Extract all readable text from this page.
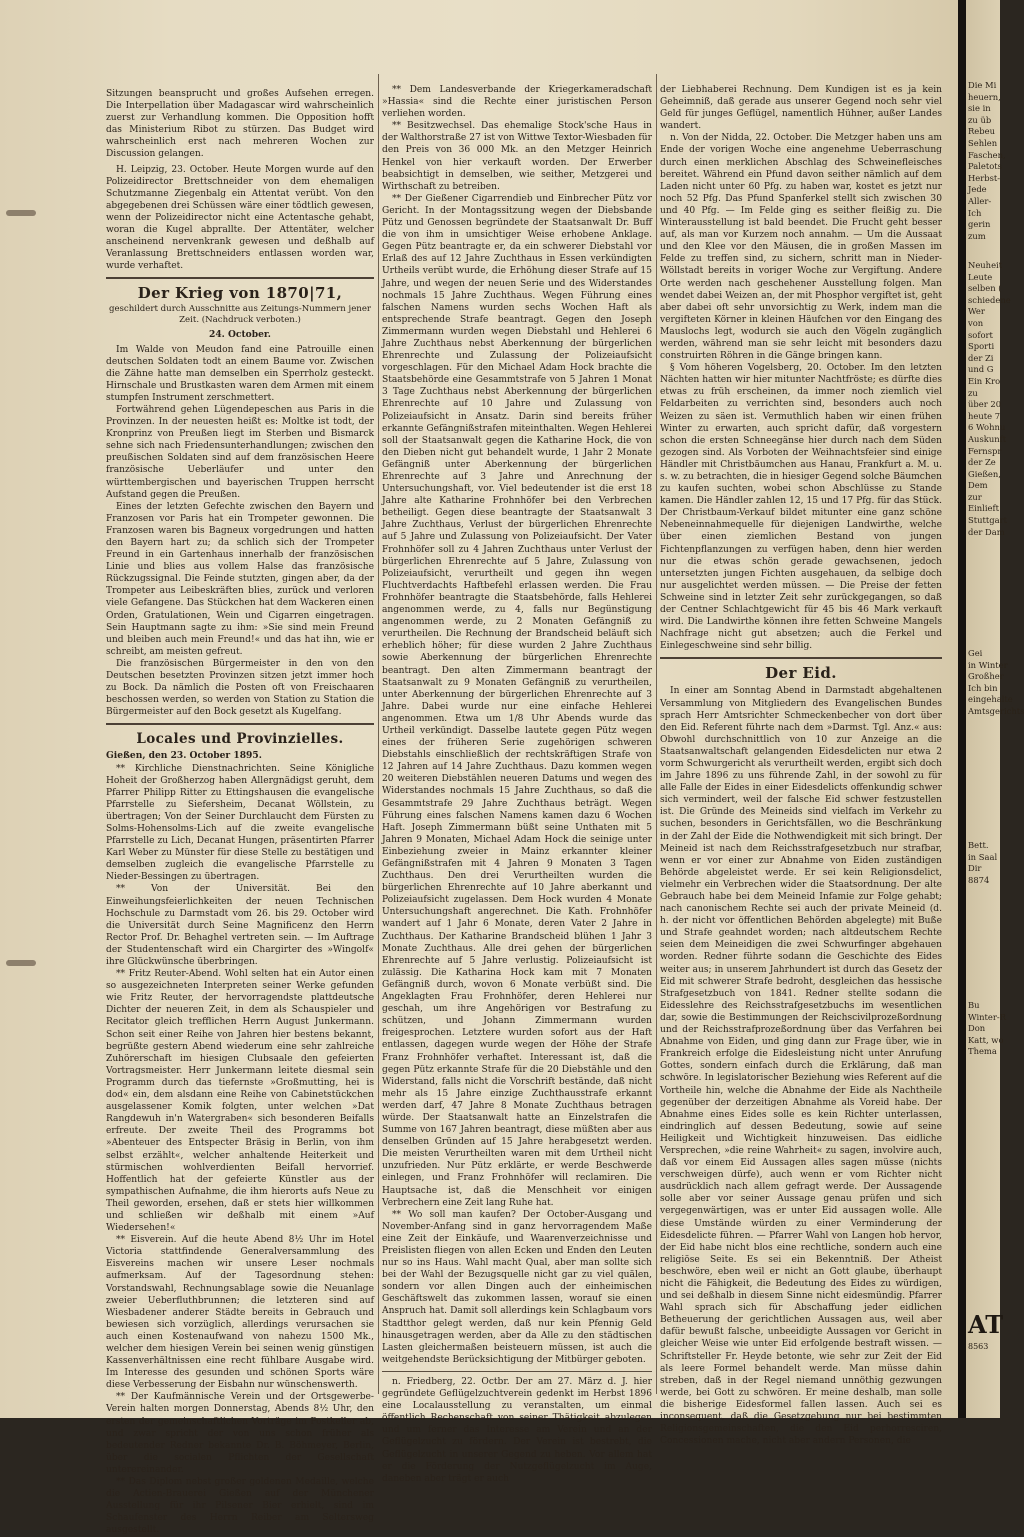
Sitzungen beansprucht und großes Aufsehen erregen. Die Interpellation über Madagascar wird wahrscheinlich zuerst zur Verhandlung kommen. Die Opposition hofft das Ministerium Ribot zu stürzen. Das Budget wird wahrscheinlich erst nach mehreren Wochen zur Discussion gelangen.

H. Leipzig, 23. October. Heute Morgen wurde auf den Polizeidirector Brettschneider von dem ehemaligen Schutzmanne Ziegenbalg ein Attentat verübt. Von den abgegebenen drei Schüssen wäre einer tödtlich gewesen, wenn der Polizeidirector nicht eine Actentasche gehabt, woran die Kugel abprallte. Der Attentäter, welcher anscheinend nervenkrank gewesen und deßhalb auf Veranlassung Brettschneiders entlassen worden war, wurde verhaftet.

Der Krieg von 1870|71,

geschildert durch Ausschnitte aus Zeitungs-Nummern jener Zeit. (Nachdruck verboten.)

24. October.

Im Walde von Meudon fand eine Patrouille einen deutschen Soldaten todt an einem Baume vor. Zwischen die Zähne hatte man demselben ein Sperrholz gesteckt. Hirnschale und Brustkasten waren dem Armen mit einem stumpfen Instrument zerschmettert.

Fortwährend gehen Lügendepeschen aus Paris in die Provinzen. In der neuesten heißt es: Moltke ist todt, der Kronprinz von Preußen liegt im Sterben und Bismarck sehne sich nach Friedensunterhandlungen; zwischen den preußischen Soldaten sind auf dem französischen Heere französische Ueberläufer und unter den württembergischen und bayerischen Truppen herrscht Aufstand gegen die Preußen.

Eines der letzten Gefechte zwischen den Bayern und Franzosen vor Paris hat ein Trompeter gewonnen. Die Franzosen waren bis Bagneux vorgedrungen und hatten den Bayern hart zu; da schlich sich der Trompeter Freund in ein Gartenhaus innerhalb der französischen Linie und blies aus vollem Halse das französische Rückzugssignal. Die Feinde stutzten, gingen aber, da der Trompeter aus Leibeskräften blies, zurück und verloren viele Gefangene. Das Stückchen hat dem Wackeren einen Orden, Gratulationen, Wein und Cigarren eingetragen. Sein Hauptmann sagte zu ihm: »Sie sind mein Freund und bleiben auch mein Freund!« und das hat ihn, wie er schreibt, am meisten gefreut.

Die französischen Bürgermeister in den von den Deutschen besetzten Provinzen sitzen jetzt immer hoch zu Bock. Da nämlich die Posten oft von Freischaaren beschossen werden, so werden von Station zu Station die Bürgermeister auf den Bock gesetzt als Kugelfang.

Locales und Provinzielles.

Gießen, den 23. October 1895.

** Kirchliche Dienstnachrichten. Seine Königliche Hoheit der Großherzog haben Allergnädigst geruht, dem Pfarrer Philipp Ritter zu Ettingshausen die evangelische Pfarrstelle zu Siefersheim, Decanat Wöllstein, zu übertragen; Von der Seiner Durchlaucht dem Fürsten zu Solms-Hohensolms-Lich auf die zweite evangelische Pfarrstelle zu Lich, Decanat Hungen, präsentirten Pfarrer Karl Weber zu Münster für diese Stelle zu bestätigen und demselben zugleich die evangelische Pfarrstelle zu Nieder-Bessingen zu übertragen.

** Von der Universität. Bei den Einweihungsfeierlichkeiten der neuen Technischen Hochschule zu Darmstadt vom 26. bis 29. October wird die Universität durch Seine Magnificenz den Herrn Rector Prof. Dr. Behaghel vertreten sein. — Im Auftrage der Studentenschaft wird ein Chargirter des »Wingolf« ihre Glückwünsche überbringen.

** Fritz Reuter-Abend. Wohl selten hat ein Autor einen so ausgezeichneten Interpreten seiner Werke gefunden wie Fritz Reuter, der hervorragendste plattdeutsche Dichter der neueren Zeit, in dem als Schauspieler und Recitator gleich trefflichen Herrn August Junkermann. Schon seit einer Reihe von Jahren hier bestens bekannt, begrüßte gestern Abend wiederum eine sehr zahlreiche Zuhörerschaft im hiesigen Clubsaale den gefeierten Vortragsmeister. Herr Junkermann leitete diesmal sein Programm durch das tiefernste »Großmutting, hei is dod« ein, dem alsdann eine Reihe von Cabinetstückchen ausgelassener Komik folgten, unter welchen »Dat Rangdewuh in'n Watergraben« sich besonderen Beifalls erfreute. Der zweite Theil des Programms bot »Abenteuer des Entspecter Bräsig in Berlin, von ihm selbst erzählt«, welcher anhaltende Heiterkeit und stürmischen wohlverdienten Beifall hervorrief. Hoffentlich hat der gefeierte Künstler aus der sympathischen Aufnahme, die ihm hierorts aufs Neue zu Theil geworden, ersehen, daß er stets hier willkommen und schließen wir deßhalb mit einem »Auf Wiedersehen!«

** Eisverein. Auf die heute Abend 8½ Uhr im Hotel Victoria stattfindende Generalversammlung des Eisvereins machen wir unsere Leser nochmals aufmerksam. Auf der Tagesordnung stehen: Vorstandswahl, Rechnungsablage sowie die Neuanlage zweier Ueberfluthbrunnen; die letzteren sind auf Wiesbadener anderer Städte bereits in Gebrauch und bewiesen sich vorzüglich, allerdings verursachen sie auch einen Kostenaufwand von nahezu 1500 Mk., welcher dem hiesigen Verein bei seinen wenig günstigen Kassenverhältnissen eine recht fühlbare Ausgabe wird. Im Interesse des gesunden und schönen Sports wäre diese Verbesserung der Eisbahn nur wünschenswerth.

** Der Kaufmännische Verein und der Ortsgewerbe-Verein halten morgen Donnerstag, Abends 8½ Uhr, den ersten der gemeinschaftlichen Vorträge im Postkeller ab, und zwar spricht der von uns schon früher als bedeutender Redner bekannte Dr. B. Böhmeyer, Berlin, über die socialen Pflichten der Gesellschaft unterereinander.

** Das Diplom nebst großer goldenen Medaille, welche die Actien-Brauerei Gießen auf der Münchener Ausstellung für ihr Pilsener Bier erhielt, sind im Schaufenster des Herrn Reiber am Seltersweg ausgestellt.

** Dem Landesverbande der Kriegerkameradschaft »Hassia« sind die Rechte einer juristischen Person verliehen worden.

** Besitzwechsel. Das ehemalige Stock'sche Haus in der Walthorstraße 27 ist von Wittwe Textor-Wiesbaden für den Preis von 36 000 Mk. an den Metzger Heinrich Henkel von hier verkauft worden. Der Erwerber beabsichtigt in demselben, wie seither, Metzgerei und Wirthschaft zu betreiben.

** Der Gießener Cigarrendieb und Einbrecher Pütz vor Gericht. In der Montagssitzung wegen der Diebsbande Pütz und Genossen begründete der Staatsanwalt Dr. Buff die von ihm in umsichtiger Weise erhobene Anklage. Gegen Pütz beantragte er, da ein schwerer Diebstahl vor Erlaß des auf 12 Jahre Zuchthaus in Essen verkündigten Urtheils verübt wurde, die Erhöhung dieser Strafe auf 15 Jahre, und wegen der neuen Serie und des Widerstandes nochmals 15 Jahre Zuchthaus. Wegen Führung eines falschen Namens wurden sechs Wochen Haft als entsprechende Strafe beantragt. Gegen den Joseph Zimmermann wurden wegen Diebstahl und Hehlerei 6 Jahre Zuchthaus nebst Aberkennung der bürgerlichen Ehrenrechte und Zulassung der Polizeiaufsicht vorgeschlagen. Für den Michael Adam Hock brachte die Staatsbehörde eine Gesammtstrafe von 5 Jahren 1 Monat 3 Tage Zuchthaus nebst Aberkennung der bürgerlichen Ehrenrechte auf 10 Jahre und Zulassung von Polizeiaufsicht in Ansatz. Darin sind bereits früher erkannte Gefängnißstrafen miteinthalten. Wegen Hehlerei soll der Staatsanwalt gegen die Katharine Hock, die von den Dieben nicht gut behandelt wurde, 1 Jahr 2 Monate Gefängniß unter Aberkennung der bürgerlichen Ehrenrechte auf 3 Jahre und Anrechnung der Untersuchungshaft, vor. Viel bedeutender ist die erst 18 Jahre alte Katharine Frohnhöfer bei den Verbrechen betheiligt. Gegen diese beantragte der Staatsanwalt 3 Jahre Zuchthaus, Verlust der bürgerlichen Ehrenrechte auf 5 Jahre und Zulassung von Polizeiaufsicht. Der Vater Frohnhöfer soll zu 4 Jahren Zuchthaus unter Verlust der bürgerlichen Ehrenrechte auf 5 Jahre, Zulassung von Polizeiaufsicht, verurtheilt und gegen ihn wegen Fluchtverdachts Haftbefehl erlassen werden. Die Frau Frohnhöfer beantragte die Staatsbehörde, falls Hehlerei angenommen werde, zu 4, falls nur Begünstigung angenommen werde, zu 2 Monaten Gefängniß zu verurtheilen. Die Rechnung der Brandscheid beläuft sich erheblich höher; für diese wurden 2 Jahre Zuchthaus sowie Aberkennung der bürgerlichen Ehrenrechte beantragt. Den alten Zimmermann beantragt der Staatsanwalt zu 9 Monaten Gefängniß zu verurtheilen, unter Aberkennung der bürgerlichen Ehrenrechte auf 3 Jahre. Dabei wurde nur eine einfache Hehlerei angenommen. Etwa um 1/8 Uhr Abends wurde das Urtheil verkündigt. Dasselbe lautete gegen Pütz wegen eines der früheren Serie zugehörigen schweren Diebstahls einschließlich der rechtskräftigen Strafe von 12 Jahren auf 14 Jahre Zuchthaus. Dazu kommen wegen 20 weiteren Diebstählen neueren Datums und wegen des Widerstandes nochmals 15 Jahre Zuchthaus, so daß die Gesammtstrafe 29 Jahre Zuchthaus beträgt. Wegen Führung eines falschen Namens kamen dazu 6 Wochen Haft. Joseph Zimmermann büßt seine Unthaten mit 5 Jahren 9 Monaten, Michael Adam Hock die seinige unter Einbeziehung zweier in Mainz erkannter kleiner Gefängnißstrafen mit 4 Jahren 9 Monaten 3 Tagen Zuchthaus. Den drei Verurtheilten wurden die bürgerlichen Ehrenrechte auf 10 Jahre aberkannt und Polizeiaufsicht zugelassen. Dem Hock wurden 4 Monate Untersuchungshaft angerechnet. Die Kath. Frohnhöfer wandert auf 1 Jahr 6 Monate, deren Vater 2 Jahre in Zuchthaus. Der Katharine Brandscheid blühen 1 Jahr 3 Monate Zuchthaus. Alle drei gehen der bürgerlichen Ehrenrechte auf 5 Jahre verlustig. Polizeiaufsicht ist zulässig. Die Katharina Hock kam mit 7 Monaten Gefängniß durch, wovon 6 Monate verbüßt sind. Die Angeklagten Frau Frohnhöfer, deren Hehlerei nur geschah, um ihre Angehörigen vor Bestrafung zu schützen, und Johann Zimmermann wurden freigesprochen. Letztere wurden sofort aus der Haft entlassen, dagegen wurde wegen der Höhe der Strafe Franz Frohnhöfer verhaftet. Interessant ist, daß die gegen Pütz erkannte Strafe für die 20 Diebstähle und den Widerstand, falls nicht die Vorschrift bestände, daß nicht mehr als 15 Jahre einzige Zuchthausstrafe erkannt werden darf, 47 Jahre 8 Monate Zuchthaus betragen würde. Der Staatsanwalt hatte an Einzelstrafen die Summe von 167 Jahren beantragt, diese müßten aber aus denselben Gründen auf 15 Jahre herabgesetzt werden. Die meisten Verurtheilten waren mit dem Urtheil nicht unzufrieden. Nur Pütz erklärte, er werde Beschwerde einlegen, und Franz Frohnhöfer will reclamiren. Die Hauptsache ist, daß die Menschheit vor einigen Verbrechern eine Zeit lang Ruhe hat.

** Wo soll man kaufen? Der October-Ausgang und November-Anfang sind in ganz hervorragendem Maße eine Zeit der Einkäufe, und Waarenverzeichnisse und Preislisten fliegen von allen Ecken und Enden den Leuten nur so ins Haus. Wahl macht Qual, aber man sollte sich bei der Wahl der Bezugsquelle nicht gar zu viel quälen, sondern vor allen Dingen auch der einheimischen Geschäftswelt das zukommen lassen, worauf sie einen Anspruch hat. Damit soll allerdings kein Schlagbaum vors Stadtthor gelegt werden, daß nur kein Pfennig Geld hinausgetragen werden, aber da Alle zu den städtischen Lasten gleichermaßen beisteuern müssen, ist auch die weitgehendste Berücksichtigung der Mitbürger geboten.

n. Friedberg, 22. Octbr. Der am 27. März d. J. hier gegründete Geflügelzuchtverein gedenkt im Herbst 1896 eine Localausstellung zu veranstalten, um einmal öffentlich Rechenschaft von seiner Thätigkeit abzulegen und um ferner das Interesse am Verein und an der Geflügelzucht zu fördern. Der Verein ist bestrebt, die Geflügelzucht in unserer Gegend zu heben. Vor allem hat er die Förderung der Nutzgeflügelzucht im Auge, daneben aber trägt er auch

der Liebhaberei Rechnung. Dem Kundigen ist es ja kein Geheimniß, daß gerade aus unserer Gegend noch sehr viel Geld für junges Geflügel, namentlich Hühner, außer Landes wandert.

n. Von der Nidda, 22. October. Die Metzger haben uns am Ende der vorigen Woche eine angenehme Ueberraschung durch einen merklichen Abschlag des Schweinefleisches bereitet. Während ein Pfund davon seither nämlich auf dem Laden nicht unter 60 Pfg. zu haben war, kostet es jetzt nur noch 52 Pfg. Das Pfund Spanferkel stellt sich zwischen 30 und 40 Pfg. — Im Felde ging es seither fleißig zu. Die Winterausstellung ist bald beendet. Die Frucht geht besser auf, als man vor Kurzem noch annahm. — Um die Aussaat und den Klee vor den Mäusen, die in großen Massen im Felde zu treffen sind, zu sichern, schritt man in Nieder-Wöllstadt bereits in voriger Woche zur Vergiftung. Andere Orte werden nach geschehener Ausstellung folgen. Man wendet dabei Weizen an, der mit Phosphor vergiftet ist, geht aber dabei oft sehr unvorsichtig zu Werk, indem man die vergifteten Körner in kleinen Häufchen vor den Eingang des Mauslochs legt, wodurch sie auch den Vögeln zugänglich werden, während man sie sehr leicht mit besonders dazu construirten Röhren in die Gänge bringen kann.

§ Vom höheren Vogelsberg, 20. October. Im den letzten Nächten hatten wir hier mitunter Nachtfröste; es dürfte dies etwas zu früh erscheinen, da immer noch ziemlich viel Feldarbeiten zu verrichten sind, besonders auch noch Weizen zu säen ist. Vermuthlich haben wir einen frühen Winter zu erwarten, auch spricht dafür, daß vorgestern schon die ersten Schneegänse hier durch nach dem Süden gezogen sind. Als Vorboten der Weihnachtsfeier sind einige Händler mit Christbäumchen aus Hanau, Frankfurt a. M. u. s. w. zu betrachten, die in hiesiger Gegend solche Bäumchen zu kaufen suchten, wobei schon Abschlüsse zu Stande kamen. Die Händler zahlen 12, 15 und 17 Pfg. für das Stück. Der Christbaum-Verkauf bildet mitunter eine ganz schöne Nebeneinnahmequelle für diejenigen Landwirthe, welche über einen ziemlichen Bestand von jungen Fichtenpflanzungen zu verfügen haben, denn hier werden nur die etwas schön gerade gewachsenen, jedoch untersetzten jungen Fichten ausgehauen, da selbige doch nur ausgelichtet werden müssen. — Die Preise der fetten Schweine sind in letzter Zeit sehr zurückgegangen, so daß der Centner Schlachtgewicht für 45 bis 46 Mark verkauft wird. Die Landwirthe können ihre fetten Schweine Mangels Nachfrage nicht gut absetzen; auch die Ferkel und Einlegeschweine sind sehr billig.

Der Eid.

In einer am Sonntag Abend in Darmstadt abgehaltenen Versammlung von Mitgliedern des Evangelischen Bundes sprach Herr Amtsrichter Schmeckenbecher von dort über den Eid. Referent führte nach dem »Darmst. Tgl. Anz.« aus: Obwohl durchschnittlich von 10 zur Anzeige an die Staatsanwaltschaft gelangenden Eidesdelicten nur etwa 2 vorm Schwurgericht als verurtheilt werden, ergibt sich doch im Jahre 1896 zu uns führende Zahl, in der sowohl zu für alle Falle der Eides in einer Eidesdelicts offenkundig schwer sich vermindert, weil der falsche Eid schwer festzustellen ist. Die Gründe des Meineids sind vielfach im Verkehr zu suchen, besonders in Gerichtsfällen, wo die Beschränkung in der Zahl der Eide die Nothwendigkeit mit sich bringt. Der Meineid ist nach dem Reichsstrafgesetzbuch nur strafbar, wenn er vor einer zur Abnahme von Eiden zuständigen Behörde abgeleistet werde. Er sei kein Religionsdelict, vielmehr ein Verbrechen wider die Staatsordnung. Der alte Gebrauch habe bei dem Meineid Infamie zur Folge gehabt; nach canonischem Rechte sei auch der private Meineid (d. h. der nicht vor öffentlichen Behörden abgelegte) mit Buße und Strafe geahndet worden; nach altdeutschem Rechte seien dem Meineidigen die zwei Schwurfinger abgehauen worden. Redner führte sodann die Geschichte des Eides weiter aus; in unserem Jahrhundert ist durch das Gesetz der Eid mit schwerer Strafe bedroht, desgleichen das hessische Strafgesetzbuch von 1841. Redner stellte sodann die Eidesslehre des Reichsstrafgesetzbuchs im wesentlichen dar, sowie die Bestimmungen der Reichscivilprozeßordnung und der Reichsstrafprozeßordnung über das Verfahren bei Abnahme von Eiden, und ging dann zur Frage über, wie in Frankreich erfolge die Eidesleistung nicht unter Anrufung Gottes, sondern einfach durch die Erklärung, daß man schwöre. In legislatorischer Beziehung wies Referent auf die Vortheile hin, welche die Abnahme der Eide als Nachtheile gegenüber der derzeitigen Abnahme als Voreid habe. Der Abnahme eines Eides solle es kein Richter unterlassen, eindringlich auf dessen Bedeutung, sowie auf seine Heiligkeit und Wichtigkeit hinzuweisen. Das eidliche Versprechen, »die reine Wahrheit« zu sagen, involvire auch, daß vor einem Eid Aussagen alles sagen müsse (nichts verschweigen dürfe), auch wenn er vom Richter nicht ausdrücklich nach allem gefragt werde. Der Aussagende solle aber vor seiner Aussage genau prüfen und sich vergegenwärtigen, was er unter Eid aussagen wolle. Alle diese Umstände würden zu einer Verminderung der Eidesdelicte führen. — Pfarrer Wahl von Langen hob hervor, der Eid habe nicht blos eine rechtliche, sondern auch eine religiöse Seite. Es sei ein Bekenntniß. Der Atheist beschwöre, eben weil er nicht an Gott glaube, überhaupt nicht die Fähigkeit, die Bedeutung des Eides zu würdigen, und sei deßhalb in diesem Sinne nicht eidesmündig. Pfarrer Wahl sprach sich für Abschaffung jeder eidlichen Betheuerung der gerichtlichen Aussagen aus, weil aber dafür bewußt falsche, unbeeidigte Aussagen vor Gericht in gleicher Weise wie unter Eid erfolgende bestraft wissen. — Schriftsteller Fr. Heyde betonte, wie sehr zur Zeit der Eid als leere Formel behandelt werde. Man müsse dahin streben, daß in der Regel niemand unnöthig gezwungen werde, bei Gott zu schwören. Er meine deshalb, man solle die bisherige Eidesformel fallen lassen. Auch sei es inconsequent, daß die Gesetzgebung nur bei bestimmten Religionsgemeinschaften, die den Eid perhorresciren, Concessionen mache, nicht aber andern Personen, die

Die Mi
heuern,
sie in
zu üb
Rebeu
Sehlen
Faschen,
Paletots
Herbst-
Jede
Aller-
Ich
gerin
zum
Neuheit
Leute
selben (
schiedene
Wer
von
sofort
Sporti
der Zi
und G
Ein Kro
zu
über 20
heute 7
6 Wohnu
Auskunft
Fernspr
der Ze
Gießen,
Dem
zur
Einlieft
Stuttgart
der Dam
Gei
in Winter
Großher
Ich bin
eingehalte
Amtsgerichts
Bett.
in Saal
Dir
8874
Bu
Winter-R
Don
Katt, wo
Thema
AT
8563
